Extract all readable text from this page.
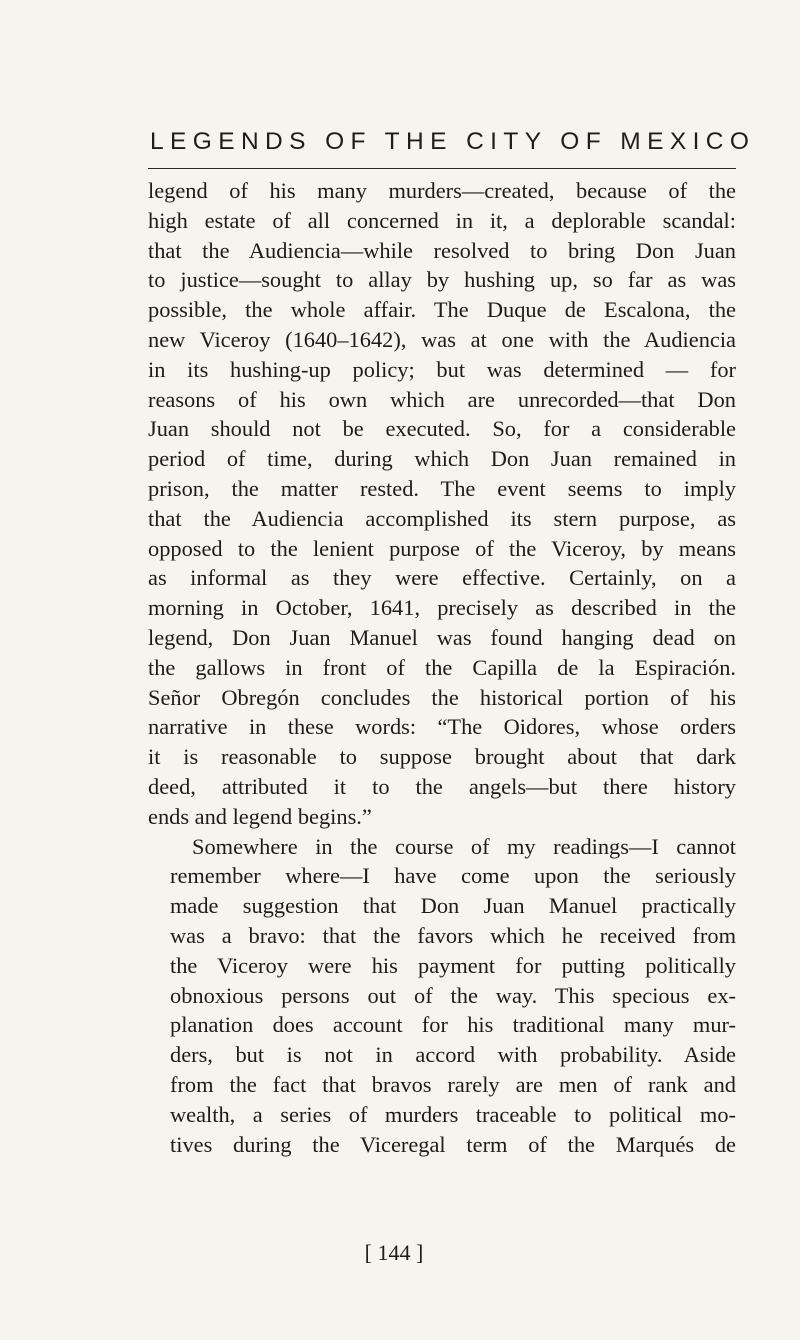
LEGENDS OF THE CITY OF MEXICO
legend of his many murders—created, because of the
high estate of all concerned in it, a deplorable scandal:
that the Audiencia—while resolved to bring Don Juan
to justice—sought to allay by hushing up, so far as was
possible, the whole affair. The Duque de Escalona, the
new Viceroy (1640–1642), was at one with the Audiencia
in its hushing-up policy; but was determined — for
reasons of his own which are unrecorded—that Don
Juan should not be executed. So, for a considerable
period of time, during which Don Juan remained in
prison, the matter rested. The event seems to imply
that the Audiencia accomplished its stern purpose, as
opposed to the lenient purpose of the Viceroy, by means
as informal as they were effective. Certainly, on a
morning in October, 1641, precisely as described in the
legend, Don Juan Manuel was found hanging dead on
the gallows in front of the Capilla de la Espiración.
Señor Obregón concludes the historical portion of his
narrative in these words: “The Oidores, whose orders
it is reasonable to suppose brought about that dark
deed, attributed it to the angels—but there history
ends and legend begins.”
Somewhere in the course of my readings—I cannot
remember where—I have come upon the seriously
made suggestion that Don Juan Manuel practically
was a bravo: that the favors which he received from
the Viceroy were his payment for putting politically
obnoxious persons out of the way. This specious ex-
planation does account for his traditional many mur-
ders, but is not in accord with probability. Aside
from the fact that bravos rarely are men of rank and
wealth, a series of murders traceable to political mo-
tives during the Viceregal term of the Marqués de
[ 144 ]
